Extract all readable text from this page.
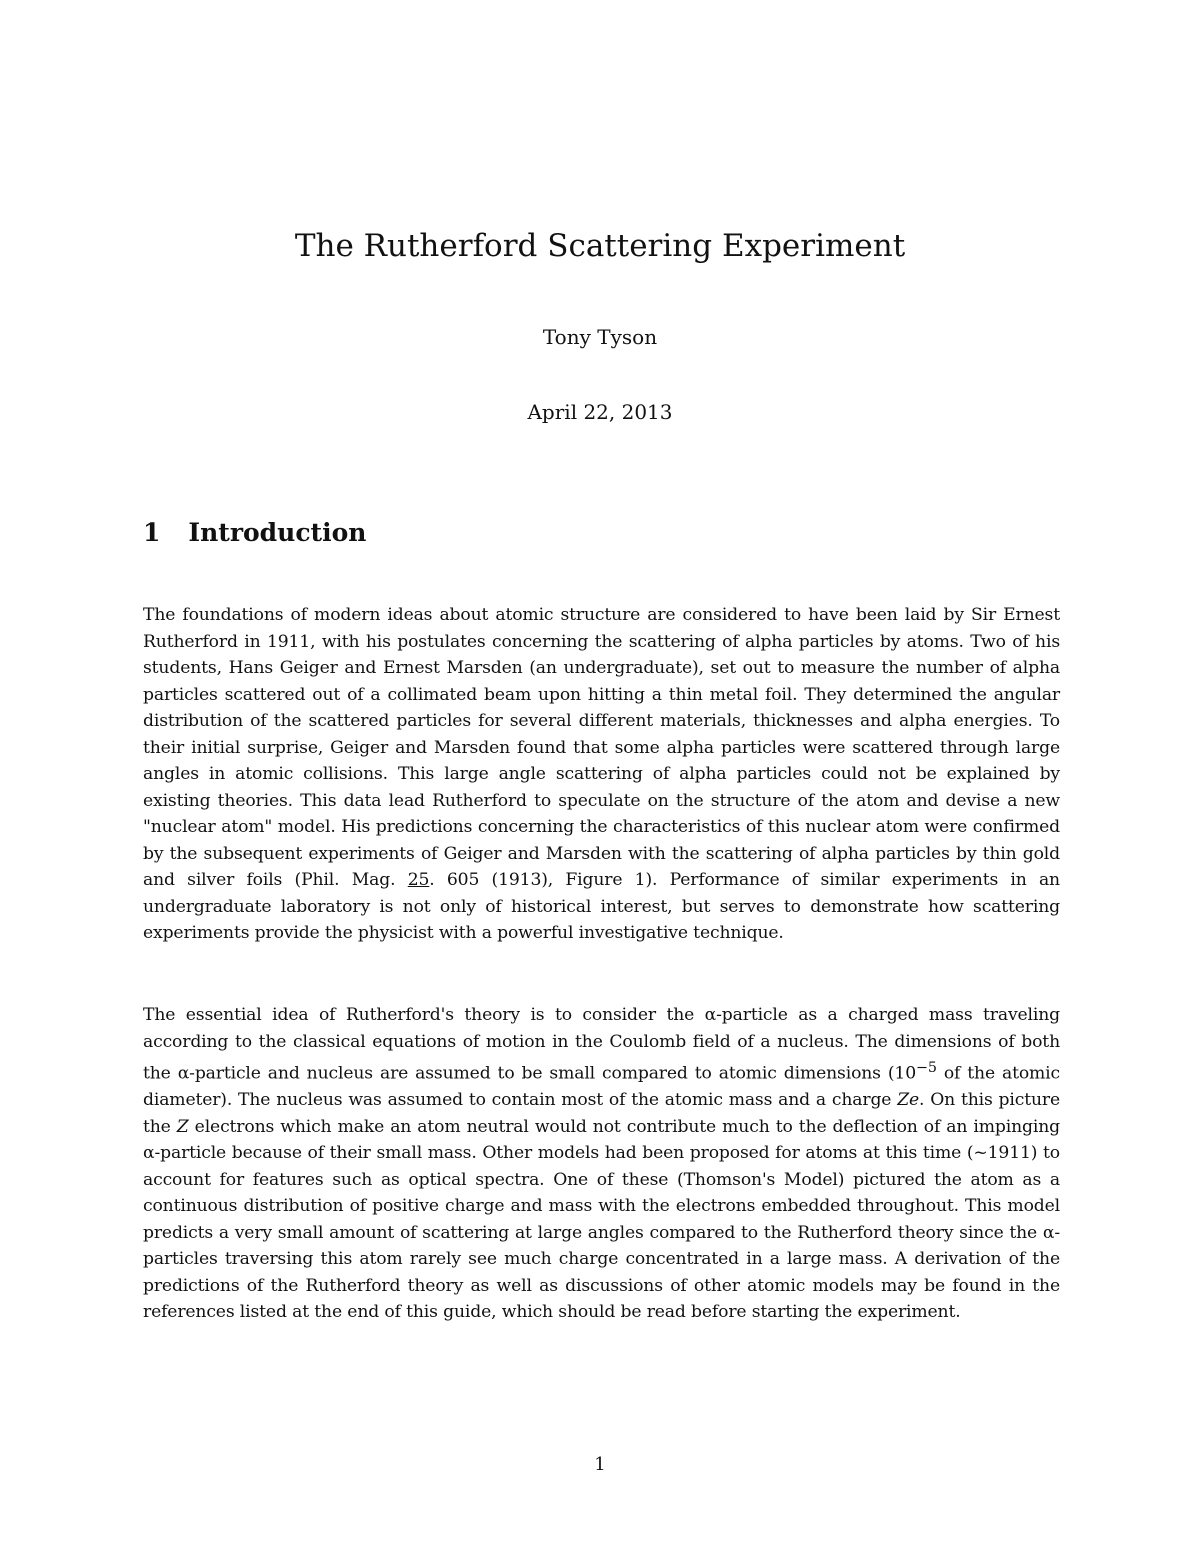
The Rutherford Scattering Experiment
Tony Tyson
April 22, 2013
1 Introduction

The foundations of modern ideas about atomic structure are considered to have been laid by Sir Ernest Rutherford in 1911, with his postulates concerning the scattering of alpha particles by atoms. Two of his students, Hans Geiger and Ernest Marsden (an undergraduate), set out to measure the number of alpha particles scattered out of a collimated beam upon hitting a thin metal foil. They determined the angular distribution of the scattered particles for several different materials, thicknesses and alpha energies. To their initial surprise, Geiger and Marsden found that some alpha particles were scattered through large angles in atomic collisions. This large angle scattering of alpha particles could not be explained by existing theories. This data lead Rutherford to speculate on the structure of the atom and devise a new "nuclear atom" model. His predictions concerning the characteristics of this nuclear atom were confirmed by the subsequent experiments of Geiger and Marsden with the scattering of alpha particles by thin gold and silver foils (Phil. Mag. 25. 605 (1913), Figure 1). Performance of similar experiments in an undergraduate laboratory is not only of historical interest, but serves to demonstrate how scattering experiments provide the physicist with a powerful investigative technique.

The essential idea of Rutherford's theory is to consider the α-particle as a charged mass traveling according to the classical equations of motion in the Coulomb field of a nucleus. The dimensions of both the α-particle and nucleus are assumed to be small compared to atomic dimensions ($10^{-5}$ of the atomic diameter). The nucleus was assumed to contain most of the atomic mass and a charge Ze. On this picture the Z electrons which make an atom neutral would not contribute much to the deflection of an impinging α-particle because of their small mass. Other models had been proposed for atoms at this time (~1911) to account for features such as optical spectra. One of these (Thomson's Model) pictured the atom as a continuous distribution of positive charge and mass with the electrons embedded throughout. This model predicts a very small amount of scattering at large angles compared to the Rutherford theory since the α-particles traversing this atom rarely see much charge concentrated in a large mass. A derivation of the predictions of the Rutherford theory as well as discussions of other atomic models may be found in the references listed at the end of this guide, which should be read before starting the experiment.

1
